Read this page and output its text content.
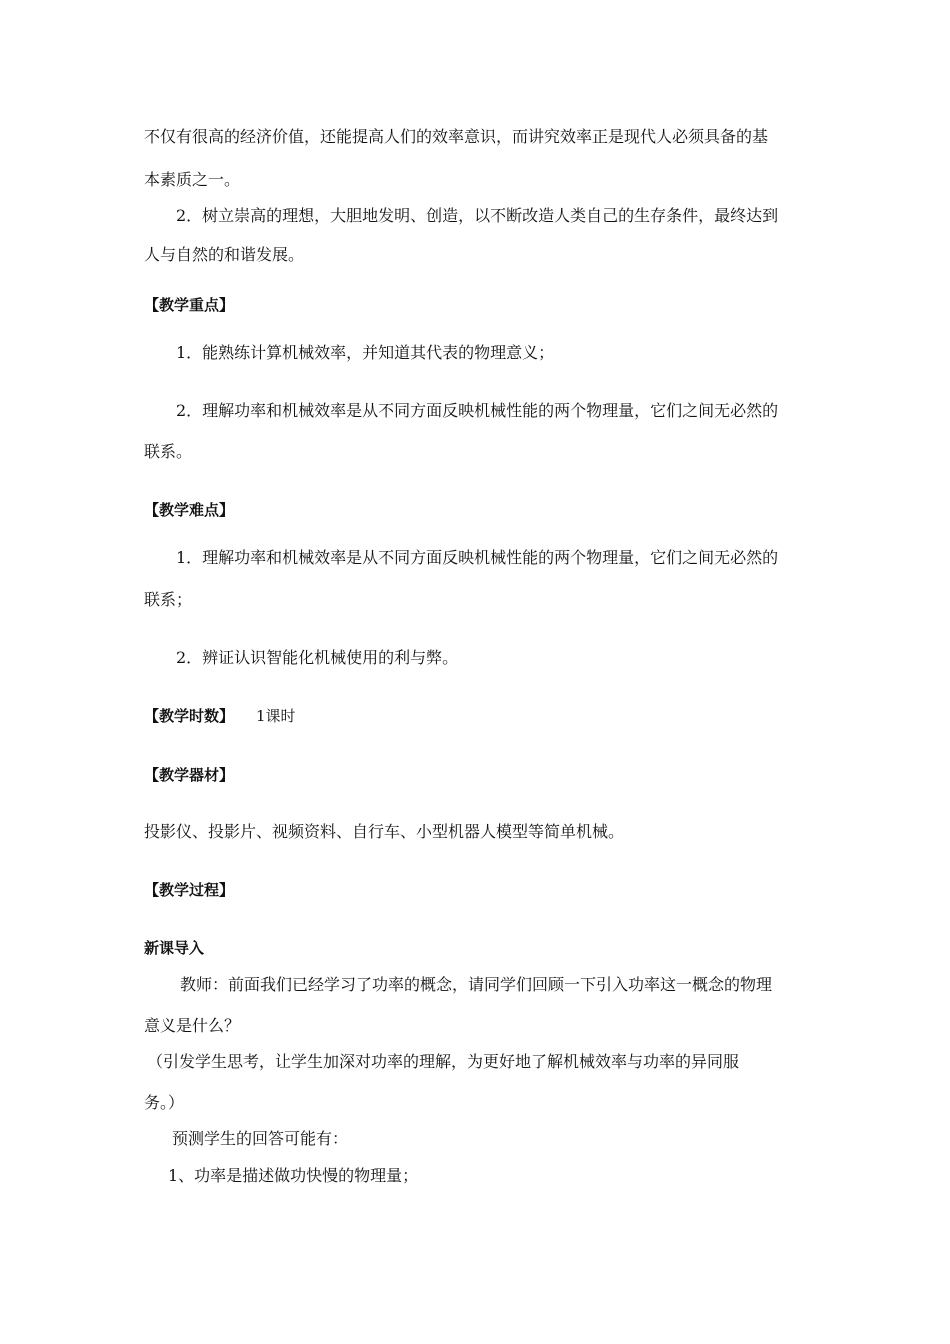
不仅有很高的经济价值，还能提高人们的效率意识，而讲究效率正是现代人必须具备的基
本素质之一。
2．树立崇高的理想，大胆地发明、创造，以不断改造人类自己的生存条件，最终达到
人与自然的和谐发展。
【教学重点】
1．能熟练计算机械效率，并知道其代表的物理意义；
2．理解功率和机械效率是从不同方面反映机械性能的两个物理量，它们之间无必然的
联系。
【教学难点】
1．理解功率和机械效率是从不同方面反映机械性能的两个物理量，它们之间无必然的
联系；
2．辨证认识智能化机械使用的利与弊。
【教学时数】 1课时
【教学器材】
投影仪、投影片、视频资料、自行车、小型机器人模型等简单机械。
【教学过程】
新课导入
教师：前面我们已经学习了功率的概念，请同学们回顾一下引入功率这一概念的物理
意义是什么？
（引发学生思考，让学生加深对功率的理解，为更好地了解机械效率与功率的异同服
务。）
预测学生的回答可能有：
1、功率是描述做功快慢的物理量；
